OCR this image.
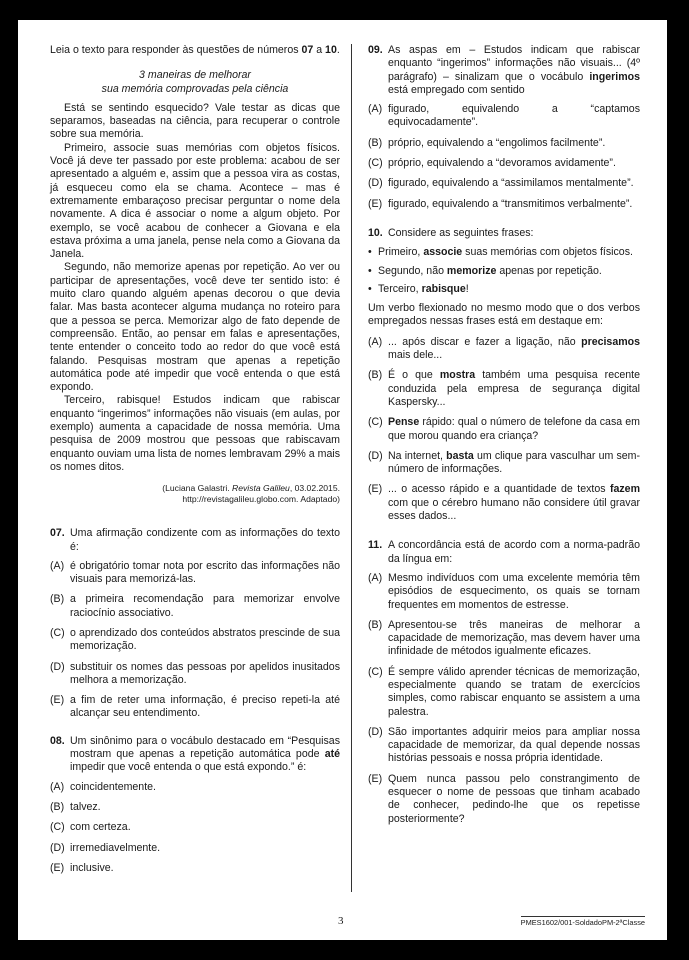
Leia o texto para responder às questões de números 07 a 10.

3 maneiras de melhorar
sua memória comprovadas pela ciência

Está se sentindo esquecido? Vale testar as dicas que separamos, baseadas na ciência, para recuperar o controle sobre sua memória.

Primeiro, associe suas memórias com objetos físicos. Você já deve ter passado por este problema: acabou de ser apresentado a alguém e, assim que a pessoa vira as costas, já esqueceu como ela se chama. Acontece – mas é extremamente embaraçoso precisar perguntar o nome dela novamente. A dica é associar o nome a algum objeto. Por exemplo, se você acabou de conhecer a Giovana e ela estava próxima a uma janela, pense nela como a Giovana da Janela.

Segundo, não memorize apenas por repetição. Ao ver ou participar de apresentações, você deve ter sentido isto: é muito claro quando alguém apenas decorou o que devia falar. Mas basta acontecer alguma mudança no roteiro para que a pessoa se perca. Memorizar algo de fato depende de compreensão. Então, ao pensar em falas e apresentações, tente entender o conceito todo ao redor do que você está falando. Pesquisas mostram que apenas a repetição automática pode até impedir que você entenda o que está expondo.

Terceiro, rabisque! Estudos indicam que rabiscar enquanto “ingerimos” informações não visuais (em aulas, por exemplo) aumenta a capacidade de nossa memória. Uma pesquisa de 2009 mostrou que pessoas que rabiscavam enquanto ouviam uma lista de nomes lembravam 29% a mais os nomes ditos.

(Luciana Galastri. Revista Galileu, 03.02.2015.
http://revistagalileu.globo.com. Adaptado)
07. Uma afirmação condizente com as informações do texto é:
(A) é obrigatório tomar nota por escrito das informações não visuais para memorizá-las.
(B) a primeira recomendação para memorizar envolve raciocínio associativo.
(C) o aprendizado dos conteúdos abstratos prescinde de sua memorização.
(D) substituir os nomes das pessoas por apelidos inusitados melhora a memorização.
(E) a fim de reter uma informação, é preciso repeti-la até alcançar seu entendimento.
08. Um sinônimo para o vocábulo destacado em “Pesquisas mostram que apenas a repetição automática pode até impedir que você entenda o que está expondo.” é:
(A) coincidentemente.
(B) talvez.
(C) com certeza.
(D) irremediavelmente.
(E) inclusive.
09. As aspas em – Estudos indicam que rabiscar enquanto “ingerimos” informações não visuais... (4º parágrafo) – sinalizam que o vocábulo ingerimos está empregado com sentido
(A) figurado, equivalendo a “captamos equivocadamente”.
(B) próprio, equivalendo a “engolimos facilmente”.
(C) próprio, equivalendo a “devoramos avidamente”.
(D) figurado, equivalendo a “assimilamos mentalmente”.
(E) figurado, equivalendo a “transmitimos verbalmente”.
10. Considere as seguintes frases:
• Primeiro, associe suas memórias com objetos físicos.
• Segundo, não memorize apenas por repetição.
• Terceiro, rabisque!

Um verbo flexionado no mesmo modo que o dos verbos empregados nessas frases está em destaque em:

(A) ... após discar e fazer a ligação, não precisamos mais dele...
(B) É o que mostra também uma pesquisa recente conduzida pela empresa de segurança digital Kaspersky...
(C) Pense rápido: qual o número de telefone da casa em que morou quando era criança?
(D) Na internet, basta um clique para vasculhar um sem-número de informações.
(E) ... o acesso rápido e a quantidade de textos fazem com que o cérebro humano não considere útil gravar esses dados...
11. A concordância está de acordo com a norma-padrão da língua em:
(A) Mesmo indivíduos com uma excelente memória têm episódios de esquecimento, os quais se tornam frequentes em momentos de estresse.
(B) Apresentou-se três maneiras de melhorar a capacidade de memorização, mas devem haver uma infinidade de métodos igualmente eficazes.
(C) É sempre válido aprender técnicas de memorização, especialmente quando se tratam de exercícios simples, como rabiscar enquanto se assistem a uma palestra.
(D) São importantes adquirir meios para ampliar nossa capacidade de memorizar, da qual depende nossas histórias pessoais e nossa própria identidade.
(E) Quem nunca passou pelo constrangimento de esquecer o nome de pessoas que tinham acabado de conhecer, pedindo-lhe que os repetisse posteriormente?
3	PMES1602/001-SoldadoPM-2ªClasse
